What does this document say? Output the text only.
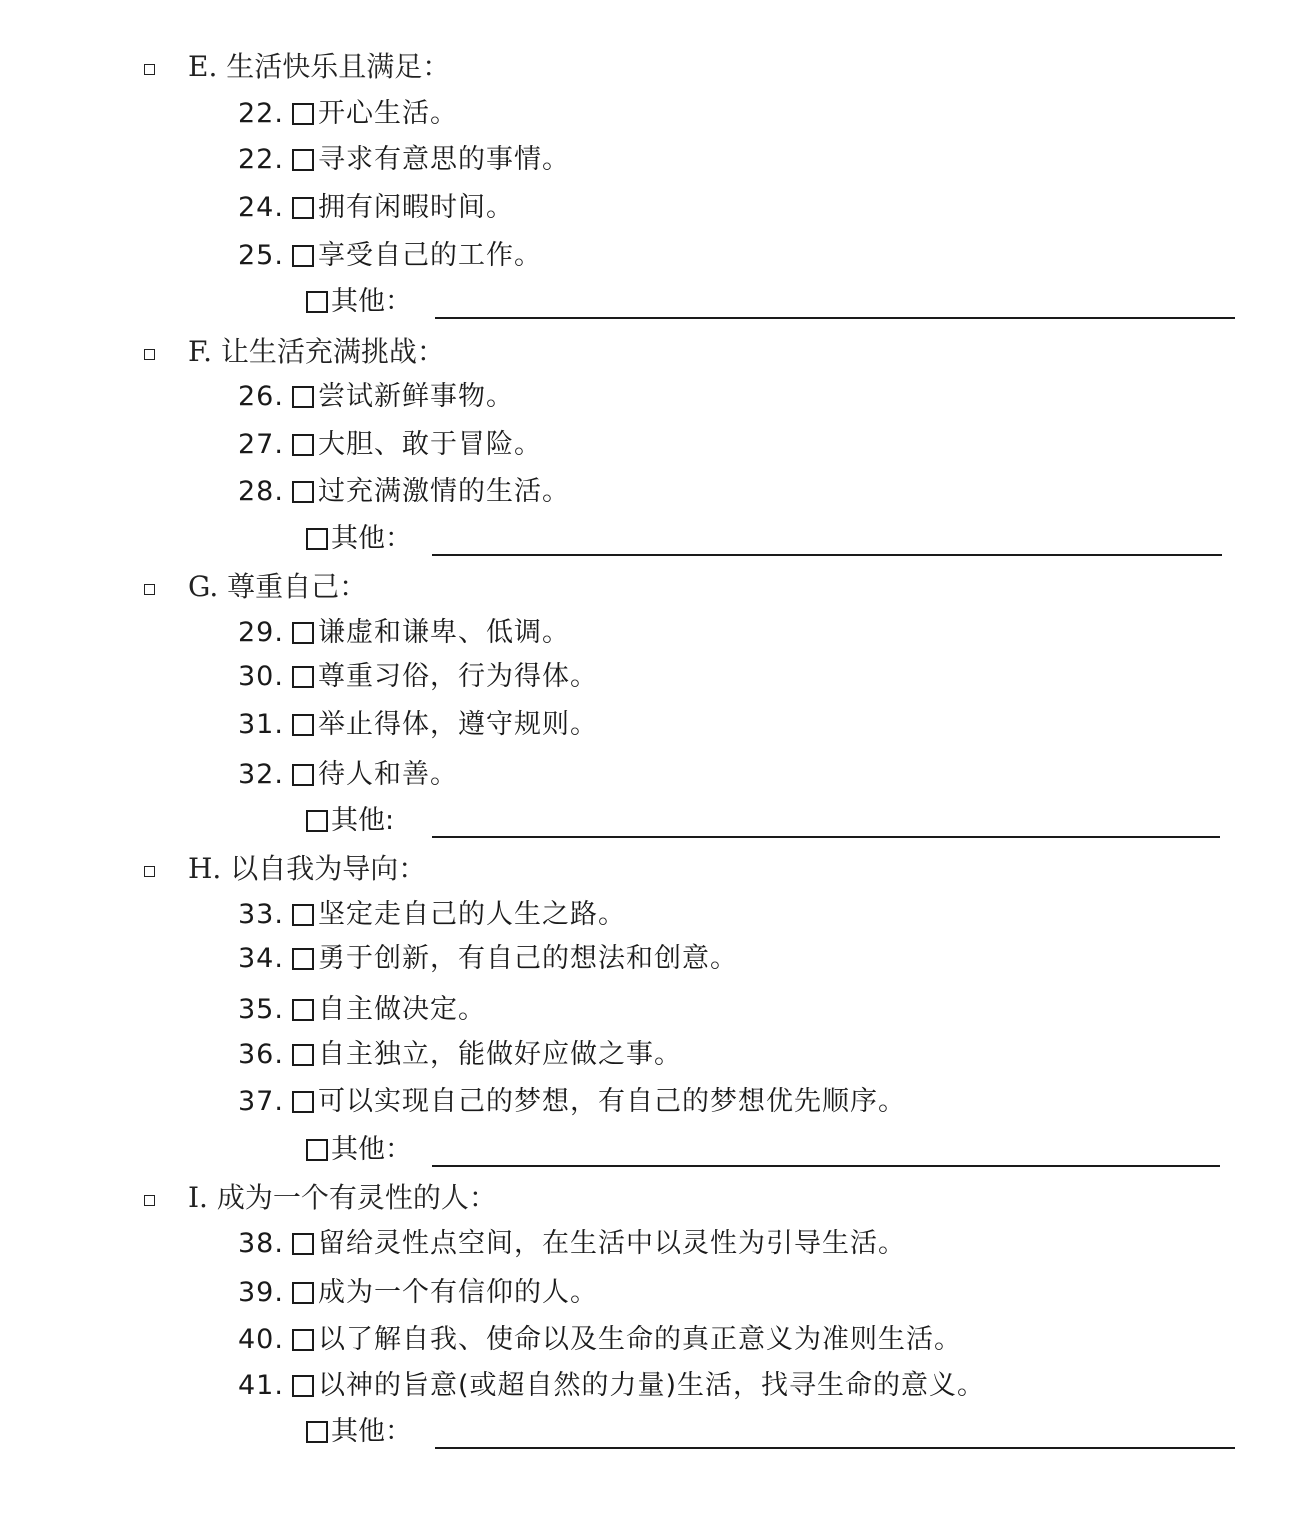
E. 生活快乐且满足：
22. 开心生活。
22. 寻求有意思的事情。
24. 拥有闲暇时间。
25. 享受自己的工作。
其他：
F. 让生活充满挑战：
26. 尝试新鲜事物。
27. 大胆、敢于冒险。
28. 过充满激情的生活。
其他：
G. 尊重自己：
29. 谦虚和谦卑、低调。
30. 尊重习俗，行为得体。
31. 举止得体，遵守规则。
32. 待人和善。
其他:
H. 以自我为导向：
33. 坚定走自己的人生之路。
34. 勇于创新，有自己的想法和创意。
35. 自主做决定。
36. 自主独立，能做好应做之事。
37. 可以实现自己的梦想，有自己的梦想优先顺序。
其他：
I. 成为一个有灵性的人：
38. 留给灵性点空间，在生活中以灵性为引导生活。
39. 成为一个有信仰的人。
40. 以了解自我、使命以及生命的真正意义为准则生活。
41. 以神的旨意(或超自然的力量)生活，找寻生命的意义。
其他：
